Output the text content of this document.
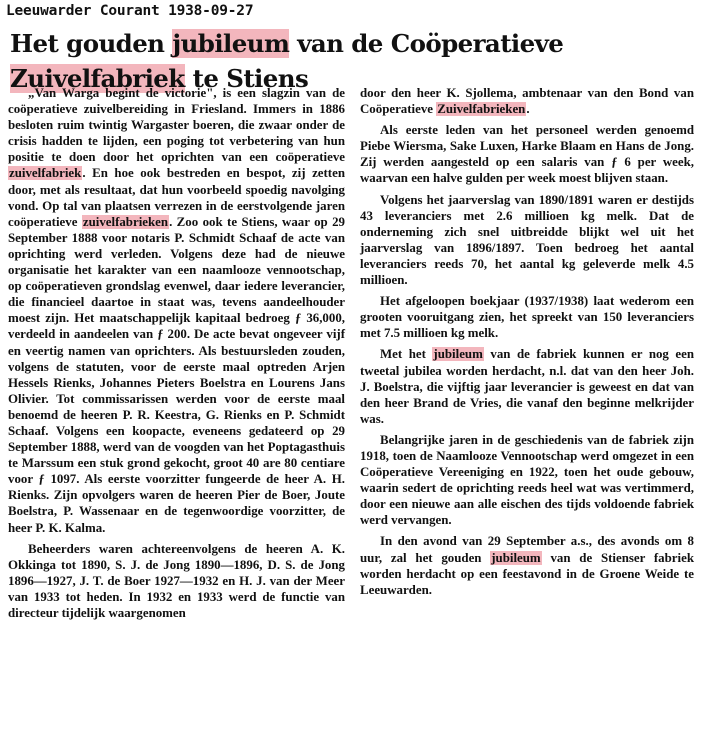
Leeuwarder Courant 1938-09-27
Het gouden jubileum van de Coöperatieve
Zuivelfabriek te Stiens

„Van Warga begint de victorie", is een slagzin van de coöperatieve zuivelbereiding in Friesland. Immers in 1886 besloten ruim twintig Wargaster boeren, die zwaar onder de crisis hadden te lijden, een poging tot verbetering van hun positie te doen door het oprichten van een coöperatieve zuivelfabriek. En hoe ook bestreden en bespot, zij zetten door, met als resultaat, dat hun voorbeeld spoedig navolging vond. Op tal van plaatsen verrezen in de eerstvolgende jaren coöperatieve zuivelfabrieken. Zoo ook te Stiens, waar op 29 September 1888 voor notaris P. Schmidt Schaaf de acte van oprichting werd verleden. Volgens deze had de nieuwe organisatie het karakter van een naamlooze vennootschap, op coöperatieven grondslag evenwel, daar iedere leverancier, die financieel daartoe in staat was, tevens aandeelhouder moest zijn. Het maatschappelijk kapitaal bedroeg ƒ 36,000, verdeeld in aandeelen van ƒ 200. De acte bevat ongeveer vijf en veertig namen van oprichters. Als bestuursleden zouden, volgens de statuten, voor de eerste maal optreden Arjen Hessels Rienks, Johannes Pieters Boelstra en Lourens Jans Olivier. Tot commissarissen werden voor de eerste maal benoemd de heeren P. R. Keestra, G. Rienks en P. Schmidt Schaaf. Volgens een koopacte, eveneens gedateerd op 29 September 1888, werd van de voogden van het Poptagasthuis te Marssum een stuk grond gekocht, groot 40 are 80 centiare voor ƒ 1097. Als eerste voorzitter fungeerde de heer A. H. Rienks. Zijn opvolgers waren de heeren Pier de Boer, Joute Boelstra, P. Wassenaar en de tegenwoordige voorzitter, de heer P. K. Kalma.

Beheerders waren achtereenvolgens de heeren A. K. Okkinga tot 1890, S. J. de Jong 1890—1896, D. S. de Jong 1896—1927, J. T. de Boer 1927—1932 en H. J. van der Meer van 1933 tot heden. In 1932 en 1933 werd de functie van directeur tijdelijk waargenomen

door den heer K. Sjollema, ambtenaar van den Bond van Coöperatieve Zuivelfabrieken.

Als eerste leden van het personeel werden genoemd Piebe Wiersma, Sake Luxen, Harke Blaam en Hans de Jong. Zij werden aangesteld op een salaris van ƒ 6 per week, waarvan een halve gulden per week moest blijven staan.

Volgens het jaarverslag van 1890/1891 waren er destijds 43 leveranciers met 2.6 millioen kg melk. Dat de onderneming zich snel uitbreidde blijkt wel uit het jaarverslag van 1896/1897. Toen bedroeg het aantal leveranciers reeds 70, het aantal kg geleverde melk 4.5 millioen.

Het afgeloopen boekjaar (1937/1938) laat wederom een grooten vooruitgang zien, het spreekt van 150 leveranciers met 7.5 millioen kg melk.

Met het jubileum van de fabriek kunnen er nog een tweetal jubilea worden herdacht, n.l. dat van den heer Joh. J. Boelstra, die vijftig jaar leverancier is geweest en dat van den heer Brand de Vries, die vanaf den beginne melkrijder was.

Belangrijke jaren in de geschiedenis van de fabriek zijn 1918, toen de Naamlooze Vennootschap werd omgezet in een Coöperatieve Vereeniging en 1922, toen het oude gebouw, waarin sedert de oprichting reeds heel wat was vertimmerd, door een nieuwe aan alle eischen des tijds voldoende fabriek werd vervangen.

In den avond van 29 September a.s., des avonds om 8 uur, zal het gouden jubileum van de Stienser fabriek worden herdacht op een feestavond in de Groene Weide te Leeuwarden.
